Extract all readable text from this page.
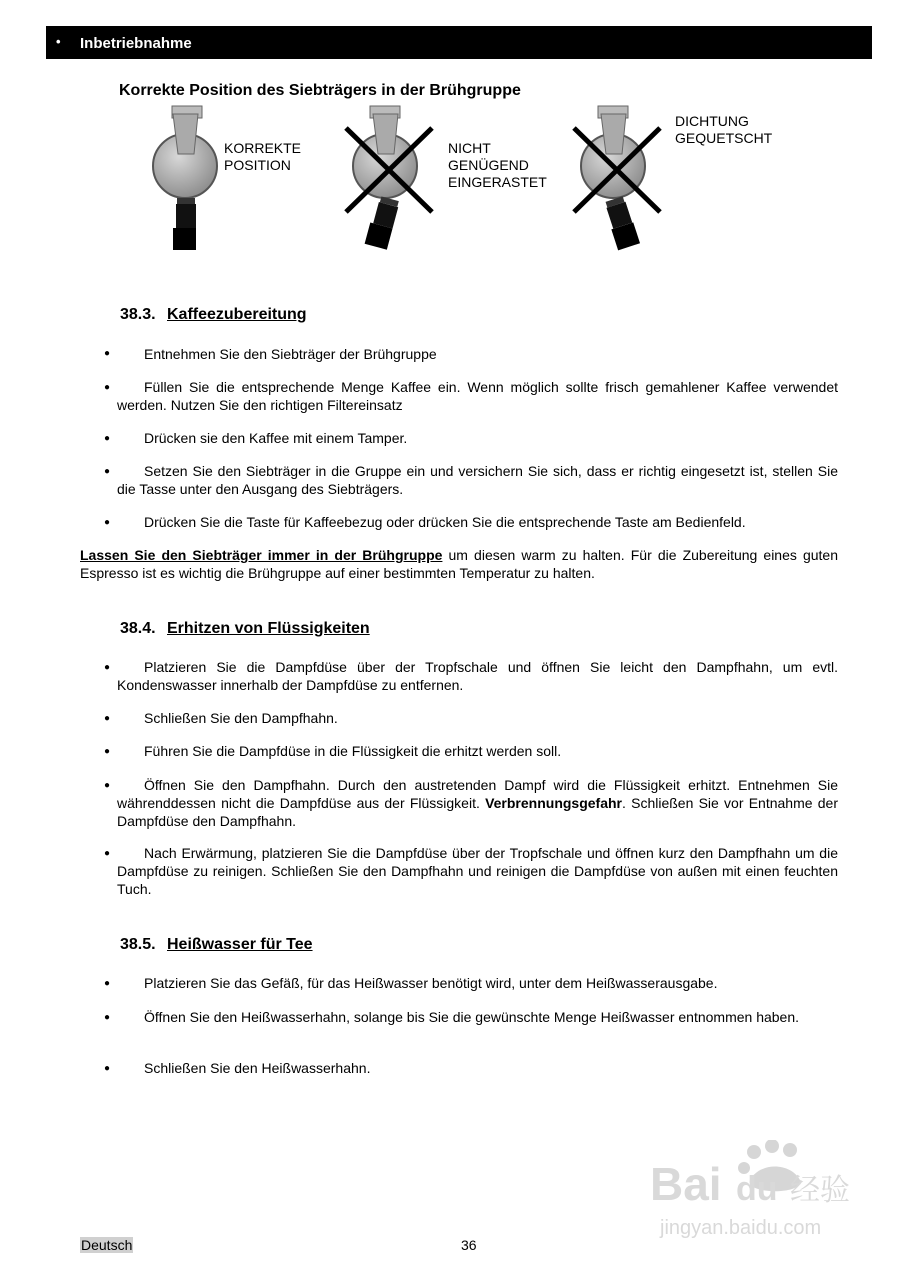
• Inbetriebnahme
Korrekte Position des Siebträgers in der Brühgruppe
KORREKTE
POSITION
NICHT
GENÜGEND
EINGERASTET
DICHTUNG
GEQUETSCHT
38.3. Kaffeezubereitung
●	Entnehmen Sie den Siebträger der Brühgruppe
●	Füllen Sie die entsprechende Menge Kaffee ein. Wenn möglich sollte frisch gemahlener Kaffee verwendet werden. Nutzen Sie den richtigen Filtereinsatz
●	Drücken sie den Kaffee mit einem Tamper.
●	Setzen Sie den Siebträger in die Gruppe ein und versichern Sie sich, dass er richtig eingesetzt ist, stellen Sie die Tasse unter den Ausgang des Siebträgers.
●	Drücken Sie die Taste für Kaffeebezug oder drücken Sie die entsprechende Taste am Bedienfeld.
Lassen Sie den Siebträger immer in der Brühgruppe um diesen warm zu halten. Für die Zubereitung eines guten Espresso ist es wichtig die Brühgruppe auf einer bestimmten Temperatur zu halten.
38.4. Erhitzen von Flüssigkeiten
●	Platzieren Sie die Dampfdüse über der Tropfschale und öffnen Sie leicht den Dampfhahn, um evtl. Kondenswasser innerhalb der Dampfdüse zu entfernen.
●	Schließen Sie den Dampfhahn.
●	Führen Sie die Dampfdüse in die Flüssigkeit die erhitzt werden soll.
●	Öffnen Sie den Dampfhahn. Durch den austretenden Dampf wird die Flüssigkeit erhitzt. Entnehmen Sie währenddessen nicht die Dampfdüse aus der Flüssigkeit. Verbrennungsgefahr. Schließen Sie vor Entnahme der Dampfdüse den Dampfhahn.
●	Nach Erwärmung, platzieren Sie die Dampfdüse über der Tropfschale und öffnen kurz den Dampfhahn um die Dampfdüse zu reinigen. Schließen Sie den Dampfhahn und reinigen die Dampfdüse von außen mit einen feuchten Tuch.
38.5. Heißwasser für Tee
●	Platzieren Sie das Gefäß, für das Heißwasser benötigt wird, unter dem Heißwasserausgabe.
●	Öffnen Sie den Heißwasserhahn, solange bis Sie die gewünschte Menge Heißwasser entnommen haben.
●	Schließen Sie den Heißwasserhahn.
Bai du 经验
jingyan.baidu.com
Deutsch	36
